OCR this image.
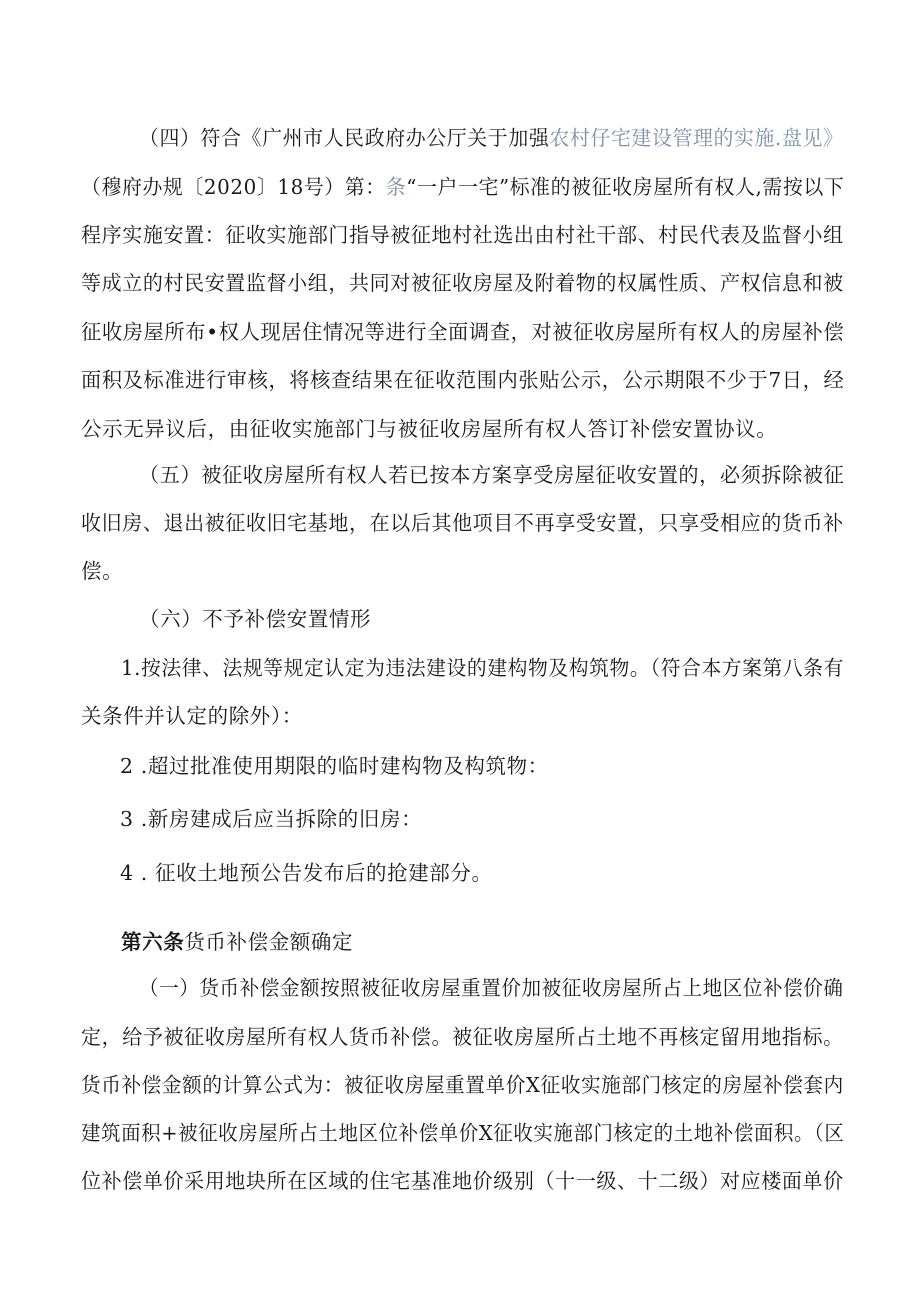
（四）符合《广州市人民政府办公厅关于加强农村仔宅建设管理的实施.盘见》
（穆府办规〔2020〕18号）第：条“一户一宅”标准的被征收房屋所有权人,需按以下
程序实施安置：征收实施部门指导被征地村社选出由村社干部、村民代表及监督小组
等成立的村民安置监督小组，共同对被征收房屋及附着物的权属性质、产权信息和被
征收房屋所布•权人现居住情况等进行全面调查，对被征收房屋所有权人的房屋补偿
面积及标准进行审核，将核查结果在征收范围内张贴公示，公示期限不少于7日，经
公示无异议后，由征收实施部门与被征收房屋所有权人答订补偿安置协议。
（五）被征收房屋所有权人若已按本方案享受房屋征收安置的，必须拆除被征
收旧房、退出被征收旧宅基地，在以后其他项目不再享受安置，只享受相应的货币补
偿。
（六）不予补偿安置情形
1.按法律、法规等规定认定为违法建设的建构物及构筑物。（符合本方案第八条有
关条件并认定的除外）：
2 .超过批准使用期限的临时建构物及构筑物：
3 .新房建成后应当拆除的旧房：
4 . 征收土地预公告发布后的抢建部分。
第六条货币补偿金额确定
（一）货币补偿金额按照被征收房屋重置价加被征收房屋所占上地区位补偿价确
定，给予被征收房屋所有权人货币补偿。被征收房屋所占土地不再核定留用地指标。
货币补偿金额的计算公式为：被征收房屋重置单价X征收实施部门核定的房屋补偿套内
建筑面积+被征收房屋所占土地区位补偿单价X征收实施部门核定的土地补偿面积。（区
位补偿单价采用地块所在区域的住宅基准地价级别（十一级、十二级）对应楼面单价
